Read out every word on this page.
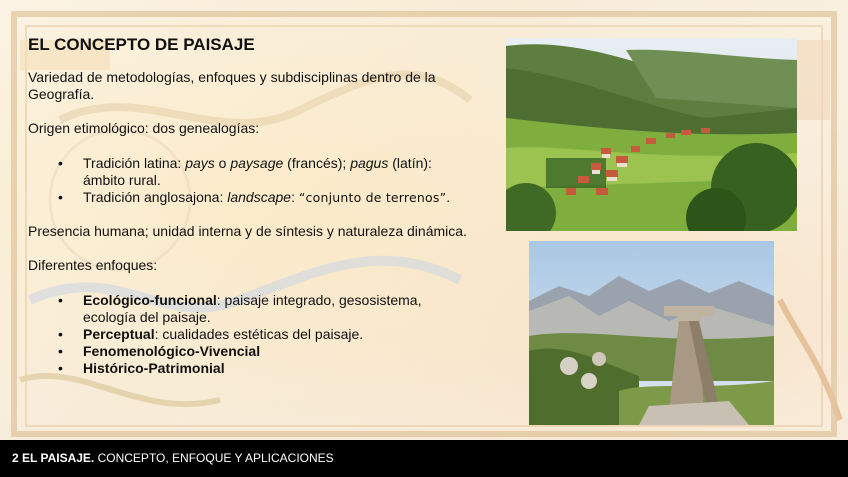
EL CONCEPTO DE PAISAJE
Variedad de metodologías, enfoques y subdisciplinas dentro de la Geografía.
Origen etimológico: dos genealogías:
• Tradición latina: pays o paysage (francés); pagus (latín): ámbito rural.
• Tradición anglosajona: landscape: “conjunto de terrenos”.
Presencia humana; unidad interna y de síntesis y naturaleza dinámica.
Diferentes enfoques:
• Ecológico-funcional: paisaje integrado, gesosistema, ecología del paisaje.
• Perceptual: cualidades estéticas del paisaje.
• Fenomenológico-Vivencial
• Histórico-Patrimonial
2 EL PAISAJE. CONCEPTO, ENFOQUE Y APLICACIONES
